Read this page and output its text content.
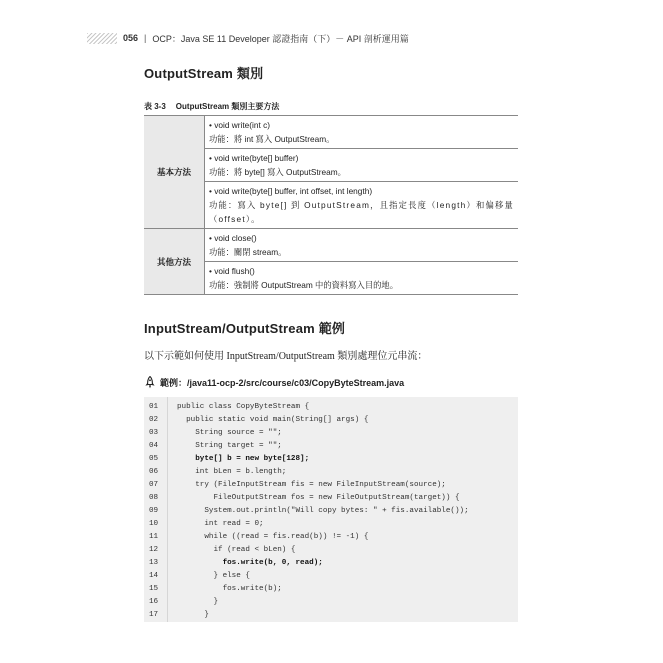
056 | OCP：Java SE 11 Developer 認證指南（下）－ API 剖析運用篇
OutputStream 類別
表 3-3 OutputStream 類別主要方法
基本方法	• void write(int c)
功能：將 int 寫入 OutputStream。

	• void write(byte[] buffer)
功能：將 byte[] 寫入 OutputStream。

	• void write(byte[] buffer, int offset, int length)
功能：寫入 byte[] 到 OutputStream，且指定長度（length）和偏移量（offset）。

其他方法	• void close()
功能：關閉 stream。

	• void flush()
功能：強制將 OutputStream 中的資料寫入目的地。
InputStream/OutputStream 範例
以下示範如何使用 InputStream/OutputStream 類別處理位元串流：
範例：/java11-ocp-2/src/course/c03/CopyByteStream.java
01	public class CopyByteStream {
02	public static void main(String[] args) {
03	String source = "";
04	String target = "";
05	byte[] b = new byte[128];
06	int bLen = b.length;
07	try (FileInputStream fis = new FileInputStream(source);
08	FileOutputStream fos = new FileOutputStream(target)) {
09	System.out.println("Will copy bytes: " + fis.available());
10	int read = 0;
11	while ((read = fis.read(b)) != -1) {
12	if (read < bLen) {
13	fos.write(b, 0, read);
14	} else {
15	fos.write(b);
16	}
17	}
